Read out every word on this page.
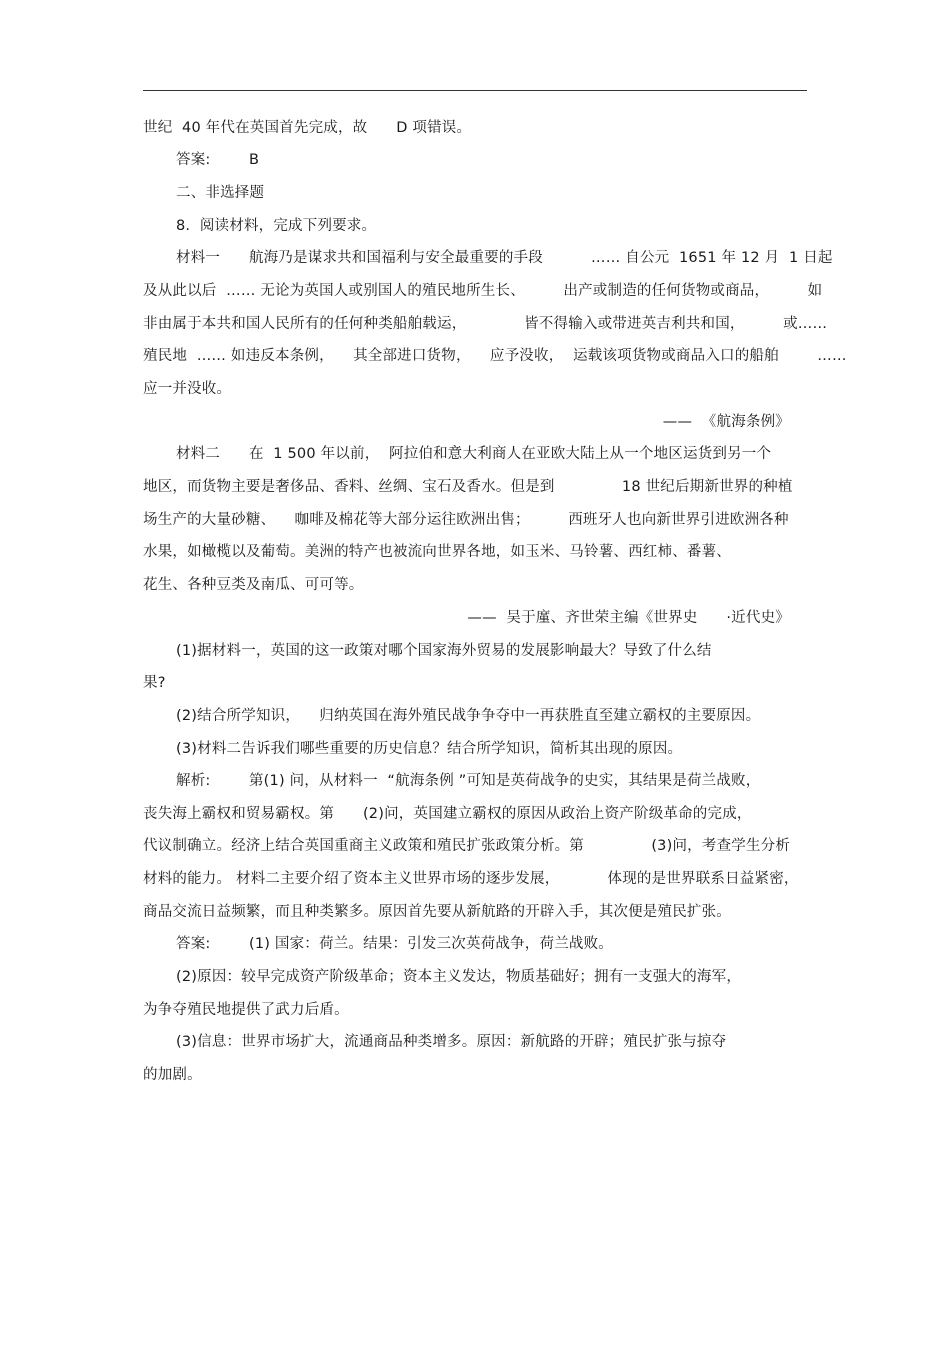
世纪  40 年代在英国首先完成，故      D 项错误。
答案:        B
二、非选择题
8.  阅读材料，完成下列要求。
材料一      航海乃是谋求共和国福利与安全最重要的手段          …… 自公元  1651 年 12 月  1 日起
及从此以后  …… 无论为英国人或别国人的殖民地所生长、        出产或制造的任何货物或商品，        如
非由属于本共和国人民所有的任何种类船舶载运，            皆不得输入或带进英吉利共和国，        或……
殖民地  …… 如违反本条例，    其全部进口货物，    应予没收，  运载该项货物或商品入口的船舶        ……
应一并没收。
——  《航海条例》
材料二      在  1 500 年以前，  阿拉伯和意大利商人在亚欧大陆上从一个地区运货到另一个
地区，而货物主要是奢侈品、香料、丝绸、宝石及香水。但是到              18 世纪后期新世界的种植
场生产的大量砂糖、    咖啡及棉花等大部分运往欧洲出售；        西班牙人也向新世界引进欧洲各种
水果，如橄榄以及葡萄。美洲的特产也被流向世界各地，如玉米、马铃薯、西红柿、番薯、
花生、各种豆类及南瓜、可可等。
——  吴于廑、齐世荣主编《世界史      ·近代史》
(1)据材料一，英国的这一政策对哪个国家海外贸易的发展影响最大？导致了什么结
果?
(2)结合所学知识，    归纳英国在海外殖民战争争夺中一再获胜直至建立霸权的主要原因。
(3)材料二告诉我们哪些重要的历史信息？结合所学知识，简析其出现的原因。
解析:        第(1) 问，从材料一  “航海条例 ”可知是英荷战争的史实，其结果是荷兰战败，
丧失海上霸权和贸易霸权。第      (2)问，英国建立霸权的原因从政治上资产阶级革命的完成，
代议制确立。经济上结合英国重商主义政策和殖民扩张政策分析。第              (3)问，考查学生分析
材料的能力。 材料二主要介绍了资本主义世界市场的逐步发展，          体现的是世界联系日益紧密，
商品交流日益频繁，而且种类繁多。原因首先要从新航路的开辟入手，其次便是殖民扩张。
答案:        (1) 国家：荷兰。结果：引发三次英荷战争，荷兰战败。
(2)原因：较早完成资产阶级革命；资本主义发达，物质基础好；拥有一支强大的海军，
为争夺殖民地提供了武力后盾。
(3)信息：世界市场扩大，流通商品种类增多。原因：新航路的开辟；殖民扩张与掠夺
的加剧。
